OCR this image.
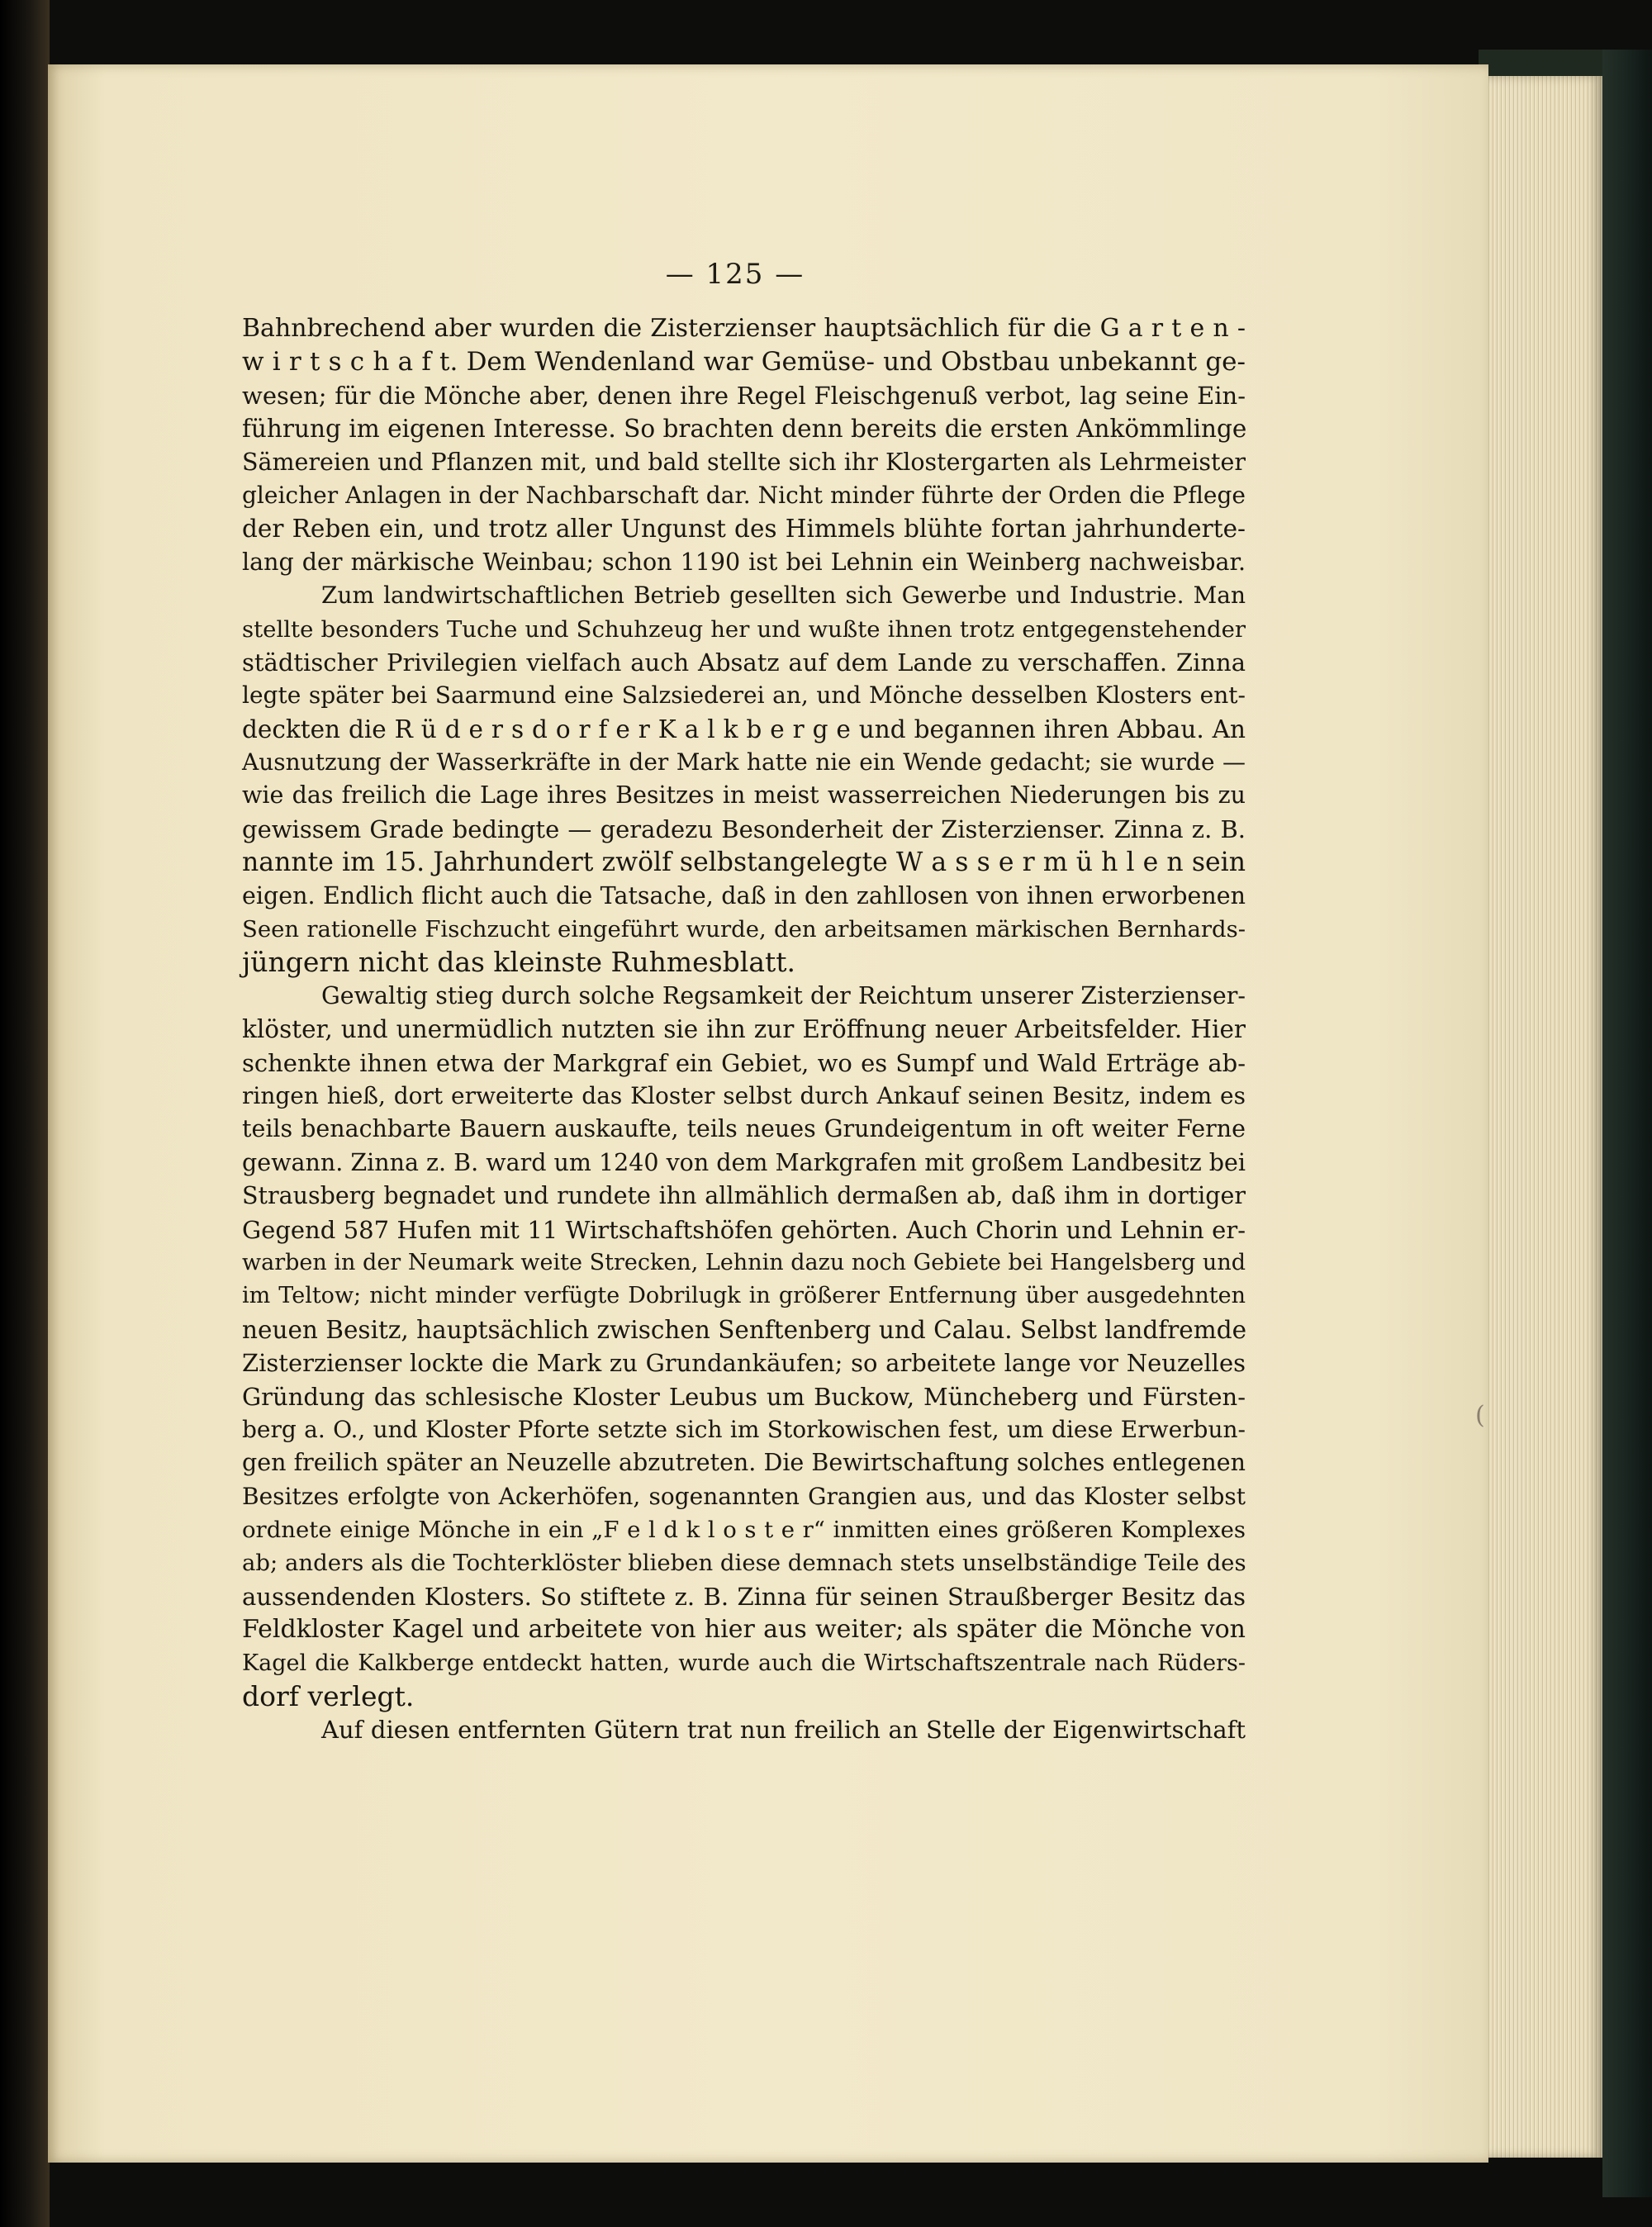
— 125 —
Bahnbrechend aber wurden die Zisterzienser hauptsächlich für die G a r t e n -
w i r t s c h a f t. Dem Wendenland war Gemüse- und Obstbau unbekannt ge-
wesen; für die Mönche aber, denen ihre Regel Fleischgenuß verbot, lag seine Ein-
führung im eigenen Interesse. So brachten denn bereits die ersten Ankömmlinge
Sämereien und Pflanzen mit, und bald stellte sich ihr Klostergarten als Lehrmeister
gleicher Anlagen in der Nachbarschaft dar. Nicht minder führte der Orden die Pflege
der Reben ein, und trotz aller Ungunst des Himmels blühte fortan jahrhunderte-
lang der märkische Weinbau; schon 1190 ist bei Lehnin ein Weinberg nachweisbar.
Zum landwirtschaftlichen Betrieb gesellten sich Gewerbe und Industrie. Man
stellte besonders Tuche und Schuhzeug her und wußte ihnen trotz entgegenstehender
städtischer Privilegien vielfach auch Absatz auf dem Lande zu verschaffen. Zinna
legte später bei Saarmund eine Salzsiederei an, und Mönche desselben Klosters ent-
deckten die R ü d e r s d o r f e r K a l k b e r g e und begannen ihren Abbau. An
Ausnutzung der Wasserkräfte in der Mark hatte nie ein Wende gedacht; sie wurde —
wie das freilich die Lage ihres Besitzes in meist wasserreichen Niederungen bis zu
gewissem Grade bedingte — geradezu Besonderheit der Zisterzienser. Zinna z. B.
nannte im 15. Jahrhundert zwölf selbstangelegte W a s s e r m ü h l e n sein
eigen. Endlich flicht auch die Tatsache, daß in den zahllosen von ihnen erworbenen
Seen rationelle Fischzucht eingeführt wurde, den arbeitsamen märkischen Bernhards-
jüngern nicht das kleinste Ruhmesblatt.
Gewaltig stieg durch solche Regsamkeit der Reichtum unserer Zisterzienser-
klöster, und unermüdlich nutzten sie ihn zur Eröffnung neuer Arbeitsfelder. Hier
schenkte ihnen etwa der Markgraf ein Gebiet, wo es Sumpf und Wald Erträge ab-
ringen hieß, dort erweiterte das Kloster selbst durch Ankauf seinen Besitz, indem es
teils benachbarte Bauern auskaufte, teils neues Grundeigentum in oft weiter Ferne
gewann. Zinna z. B. ward um 1240 von dem Markgrafen mit großem Landbesitz bei
Strausberg begnadet und rundete ihn allmählich dermaßen ab, daß ihm in dortiger
Gegend 587 Hufen mit 11 Wirtschaftshöfen gehörten. Auch Chorin und Lehnin er-
warben in der Neumark weite Strecken, Lehnin dazu noch Gebiete bei Hangelsberg und
im Teltow; nicht minder verfügte Dobrilugk in größerer Entfernung über ausgedehnten
neuen Besitz, hauptsächlich zwischen Senftenberg und Calau. Selbst landfremde
Zisterzienser lockte die Mark zu Grundankäufen; so arbeitete lange vor Neuzelles
Gründung das schlesische Kloster Leubus um Buckow, Müncheberg und Fürsten-
berg a. O., und Kloster Pforte setzte sich im Storkowischen fest, um diese Erwerbun-
gen freilich später an Neuzelle abzutreten. Die Bewirtschaftung solches entlegenen
Besitzes erfolgte von Ackerhöfen, sogenannten Grangien aus, und das Kloster selbst
ordnete einige Mönche in ein „F e l d k l o s t e r“ inmitten eines größeren Komplexes
ab; anders als die Tochterklöster blieben diese demnach stets unselbständige Teile des
aussendenden Klosters. So stiftete z. B. Zinna für seinen Straußberger Besitz das
Feldkloster Kagel und arbeitete von hier aus weiter; als später die Mönche von
Kagel die Kalkberge entdeckt hatten, wurde auch die Wirtschaftszentrale nach Rüders-
dorf verlegt.
Auf diesen entfernten Gütern trat nun freilich an Stelle der Eigenwirtschaft
(
